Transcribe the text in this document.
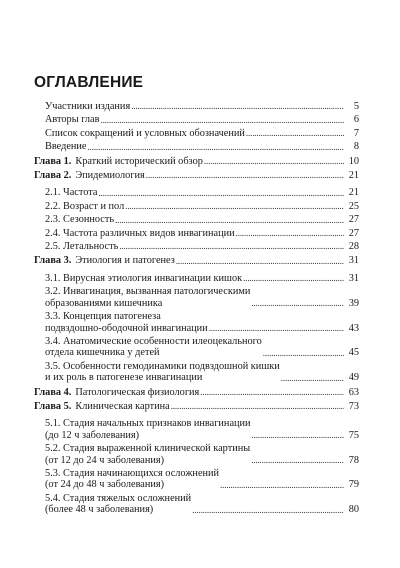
ОГЛАВЛЕНИЕ
Участники издания . . .	5
Авторы глав . . .	6
Список сокращений и условных обозначений . . .	7
Введение . . .	8
Глава 1. Краткий исторический обзор . . .	10
Глава 2. Эпидемиология . . .	21
2.1. Частота . . .	21
2.2. Возраст и пол . . .	25
2.3. Сезонность . . .	27
2.4. Частота различных видов инвагинации . . .	27
2.5. Летальность . . .	28
Глава 3. Этиология и патогенез . . .	31
3.1. Вирусная этиология инвагинации кишок . . .	31
3.2. Инвагинация, вызванная патологическими
образованиями кишечника . . .	39
3.3. Концепция патогенеза
подвздошно-ободочной инвагинации . . .	43
3.4. Анатомические особенности илеоцекального
отдела кишечника у детей . . .	45
3.5. Особенности гемодинамики подвздошной кишки
и их роль в патогенезе инвагинации . . .	49
Глава 4. Патологическая физиология . . .	63
Глава 5. Клиническая картина . . .	73
5.1. Стадия начальных признаков инвагинации
(до 12 ч заболевания) . . .	75
5.2. Стадия выраженной клинической картины
(от 12 до 24 ч заболевания) . . .	78
5.3. Стадия начинающихся осложнений
(от 24 до 48 ч заболевания) . . .	79
5.4. Стадия тяжелых осложнений
(более 48 ч заболевания) . . .	80
